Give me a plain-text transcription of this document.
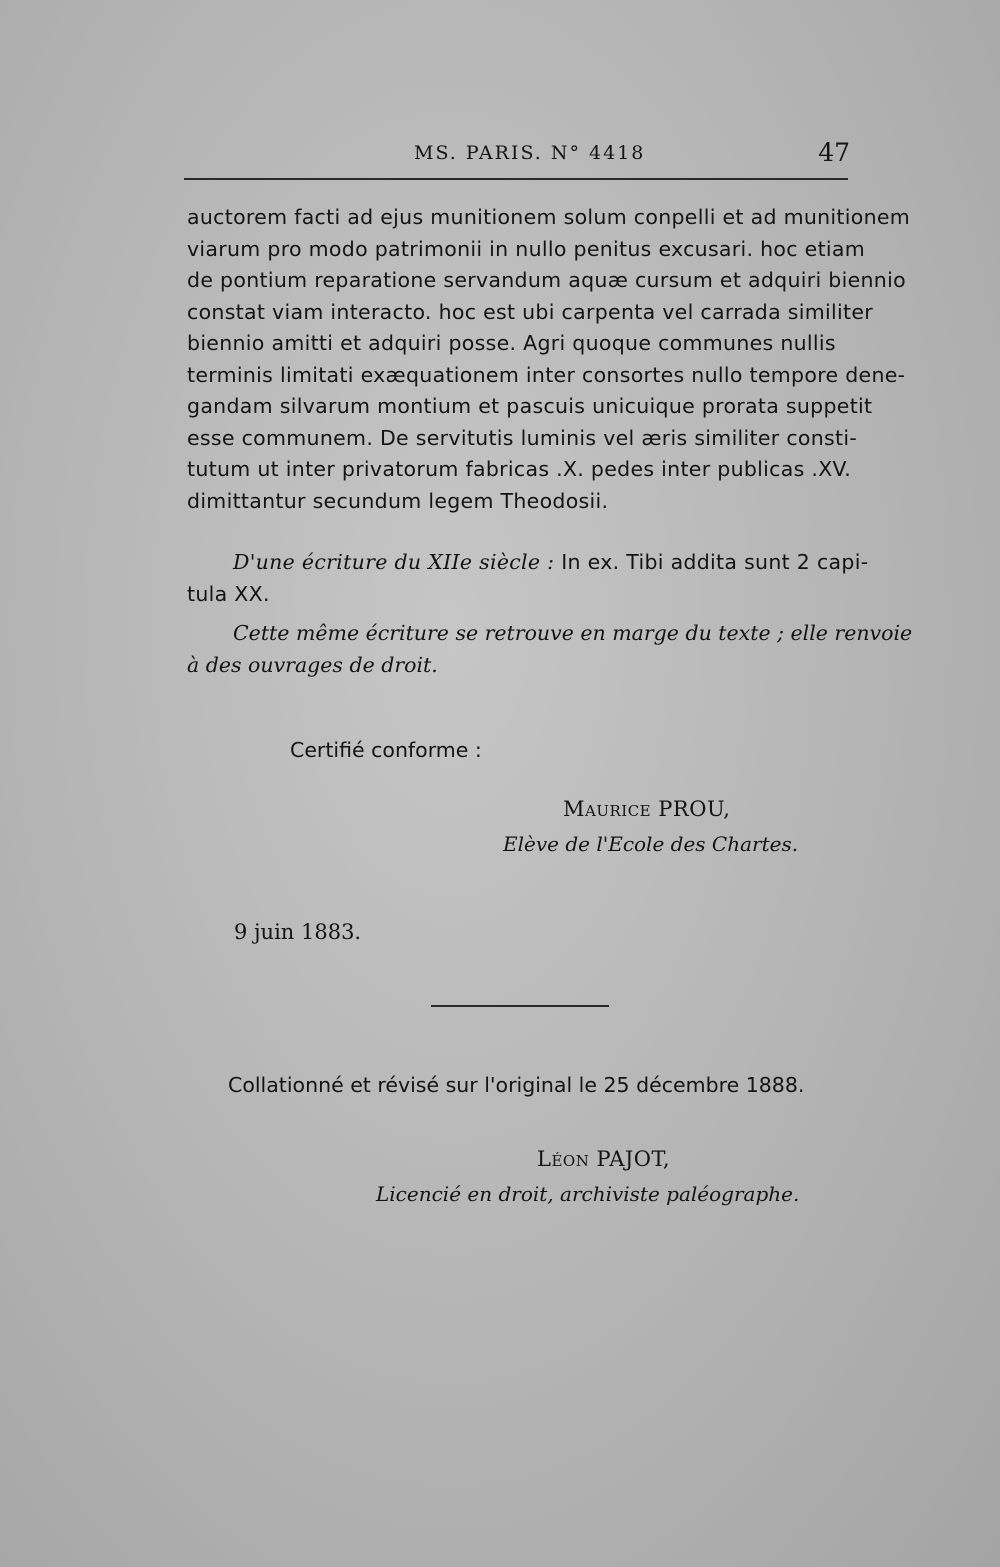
MS. PARIS. N° 4418	47
auctorem facti ad ejus munitionem solum conpelli et ad munitionem
viarum pro modo patrimonii in nullo penitus excusari. hoc etiam
de pontium reparatione servandum aquæ cursum et adquiri biennio
constat viam interacto. hoc est ubi carpenta vel carrada similiter
biennio amitti et adquiri posse. Agri quoque communes nullis
terminis limitati exæquationem inter consortes nullo tempore dene-
gandam silvarum montium et pascuis unicuique prorata suppetit
esse communem. De servitutis luminis vel æris similiter consti-
tutum ut inter privatorum fabricas .X. pedes inter publicas .XV.
dimittantur secundum legem Theodosii.
D'une écriture du XIIe siècle : In ex. Tibi addita sunt 2 capi-
tula XX.
Cette même écriture se retrouve en marge du texte ; elle renvoie
à des ouvrages de droit.
Certifié conforme :
Maurice PROU,
Elève de l'Ecole des Chartes.
9 juin 1883.
Collationné et révisé sur l'original le 25 décembre 1888.
Léon PAJOT,
Licencié en droit, archiviste paléographe.
